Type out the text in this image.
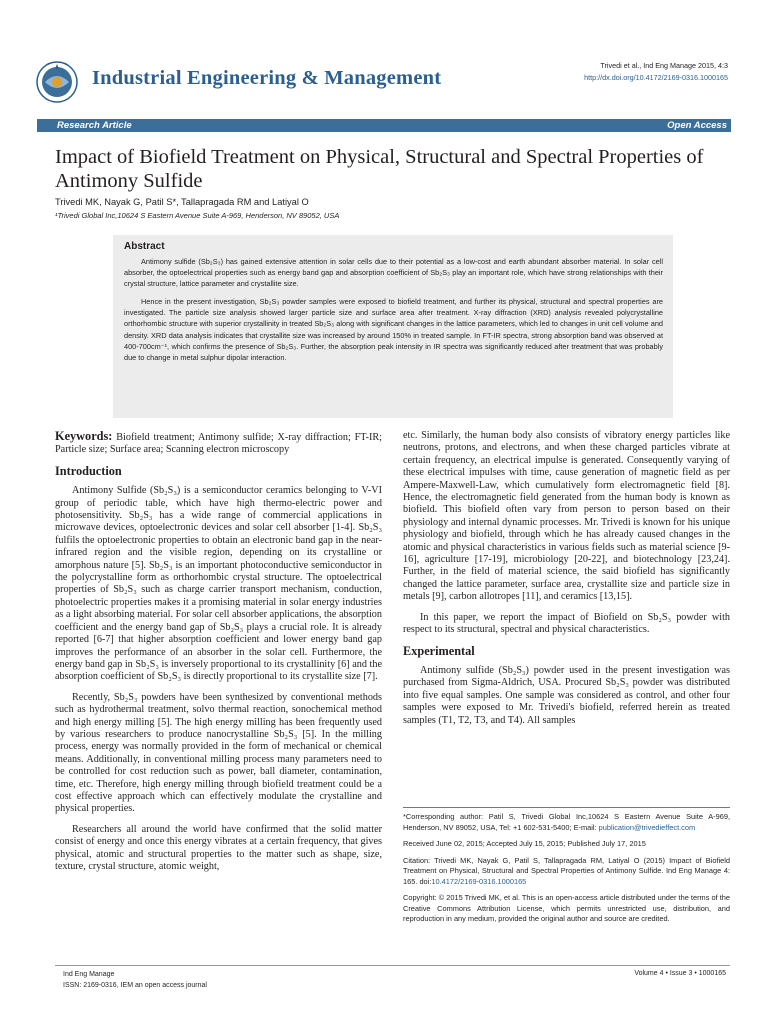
Industrial Engineering & Management
Trivedi et al., Ind Eng Manage 2015, 4:3
http://dx.doi.org/10.4172/2169-0316.1000165
Research Article	Open Access
Impact of Biofield Treatment on Physical, Structural and Spectral Properties of Antimony Sulfide
Trivedi MK, Nayak G, Patil S*, Tallapragada RM and Latiyal O
¹Trivedi Global Inc,10624 S Eastern Avenue Suite A-969, Henderson, NV 89052, USA
Abstract

Antimony sulfide (Sb₂S₃) has gained extensive attention in solar cells due to their potential as a low-cost and earth abundant absorber material. In solar cell absorber, the optoelectrical properties such as energy band gap and absorption coefficient of Sb₂S₃ play an important role, which have strong relationships with their crystal structure, lattice parameter and crystallite size.

Hence in the present investigation, Sb₂S₃ powder samples were exposed to biofield treatment, and further its physical, structural and spectral properties are investigated. The particle size analysis showed larger particle size and surface area after treatment. X-ray diffraction (XRD) analysis revealed polycrystalline orthorhombic structure with superior crystallinity in treated Sb₂S₃ along with significant changes in the lattice parameters, which led to changes in unit cell volume and density. XRD data analysis indicates that crystallite size was increased by around 150% in treated sample. In FT-IR spectra, strong absorption band was observed at 400-700cm⁻¹, which confirms the presence of Sb₂S₃. Further, the absorption peak intensity in IR spectra was significantly reduced after treatment that was probably due to change in metal sulphur dipolar interaction.

Keywords: Biofield treatment; Antimony sulfide; X-ray diffraction; FT-IR; Particle size; Surface area; Scanning electron microscopy

Introduction

Antimony Sulfide (Sb₂S₃) is a semiconductor ceramics belonging to V-VI group of periodic table, which have high thermo-electric power and photosensitivity. Sb₂S₃ has a wide range of commercial applications in microwave devices, optoelectronic devices and solar cell absorber [1-4]. Sb₂S₃ fulfils the optoelectronic properties to obtain an electronic band gap in the near-infrared region and the visible region, depending on its crystalline or amorphous nature [5]. Sb₂S₃ is an important photoconductive semiconductor in the polycrystalline form as orthorhombic crystal structure. The optoelectrical properties of Sb₂S₃ such as charge carrier transport mechanism, conduction, photoelectric properties makes it a promising material in solar energy industries as a light absorbing material. For solar cell absorber applications, the absorption coefficient and the energy band gap of Sb₂S₃ plays a crucial role. It is already reported [6-7] that higher absorption coefficient and lower energy band gap improves the performance of an absorber in the solar cell. Furthermore, the energy band gap in Sb₂S₃ is inversely proportional to its crystallinity [6] and the absorption coefficient of Sb₂S₃ is directly proportional to its crystallite size [7].

Recently, Sb₂S₃ powders have been synthesized by conventional methods such as hydrothermal treatment, solvo thermal reaction, sonochemical method and high energy milling [5]. The high energy milling has been frequently used by various researchers to produce nanocrystalline Sb₂S₃ [5]. In the milling process, energy was normally provided in the form of mechanical or chemical means. Additionally, in conventional milling process many parameters need to be controlled for cost reduction such as power, ball diameter, contamination, time, etc. Therefore, high energy milling through biofield treatment could be a cost effective approach which can effectively modulate the crystalline and physical properties.

Researchers all around the world have confirmed that the solid matter consist of energy and once this energy vibrates at a certain frequency, that gives physical, atomic and structural properties to the matter such as shape, size, texture, crystal structure, atomic weight,

etc. Similarly, the human body also consists of vibratory energy particles like neutrons, protons, and electrons, and when these charged particles vibrate at certain frequency, an electrical impulse is generated. Consequently varying of these electrical impulses with time, cause generation of magnetic field as per Ampere-Maxwell-Law, which cumulatively form electromagnetic field [8]. Hence, the electromagnetic field generated from the human body is known as biofield. This biofield often vary from person to person based on their physiology and internal dynamic processes. Mr. Trivedi is known for his unique physiology and biofield, through which he has already caused changes in the atomic and physical characteristics in various fields such as material science [9-16], agriculture [17-19], microbiology [20-22], and biotechnology [23,24]. Further, in the field of material science, the said biofield has significantly changed the lattice parameter, surface area, crystallite size and particle size in metals [9], carbon allotropes [11], and ceramics [13,15].

In this paper, we report the impact of Biofield on Sb₂S₃ powder with respect to its structural, spectral and physical characteristics.

Experimental

Antimony sulfide (Sb₂S₃) powder used in the present investigation was purchased from Sigma-Aldrich, USA. Procured Sb₂S₃ powder was distributed into five equal samples. One sample was considered as control, and other four samples were exposed to Mr. Trivedi's biofield, referred herein as treated samples (T1, T2, T3, and T4). All samples

*Corresponding author: Patil S, Trivedi Global Inc,10624 S Eastern Avenue Suite A-969, Henderson, NV 89052, USA, Tel: +1 602-531-5400; E-mail: publication@trivedieffect.com

Received June 02, 2015; Accepted July 15, 2015; Published July 17, 2015

Citation: Trivedi MK, Nayak G, Patil S, Tallapragada RM, Latiyal O (2015) Impact of Biofield Treatment on Physical, Structural and Spectral Properties of Antimony Sulfide. Ind Eng Manage 4: 165. doi:10.4172/2169-0316.1000165

Copyright: © 2015 Trivedi MK, et al. This is an open-access article distributed under the terms of the Creative Commons Attribution License, which permits unrestricted use, distribution, and reproduction in any medium, provided the original author and source are credited.

Ind Eng Manage
ISSN: 2169-0316, IEM an open access journal
Volume 4 • Issue 3 • 1000165
